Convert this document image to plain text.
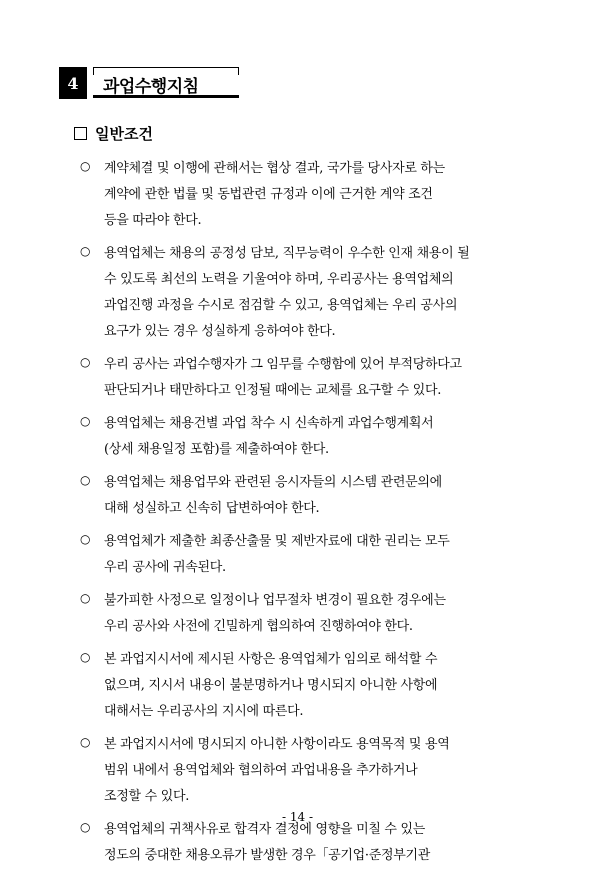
4 과업수행지침
일반조건
○ 계약체결 및 이행에 관해서는 협상 결과, 국가를 당사자로 하는
계약에 관한 법률 및 동법관련 규정과 이에 근거한 계약 조건
등을 따라야 한다.
○ 용역업체는 채용의 공정성 담보, 직무능력이 우수한 인재 채용이 될
수 있도록 최선의 노력을 기울여야 하며, 우리공사는 용역업체의
과업진행 과정을 수시로 점검할 수 있고, 용역업체는 우리 공사의
요구가 있는 경우 성실하게 응하여야 한다.
○ 우리 공사는 과업수행자가 그 임무를 수행함에 있어 부적당하다고
판단되거나 태만하다고 인정될 때에는 교체를 요구할 수 있다.
○ 용역업체는 채용건별 과업 착수 시 신속하게 과업수행계획서
(상세 채용일정 포함)를 제출하여야 한다.
○ 용역업체는 채용업무와 관련된 응시자들의 시스템 관련문의에
대해 성실하고 신속히 답변하여야 한다.
○ 용역업체가 제출한 최종산출물 및 제반자료에 대한 권리는 모두
우리 공사에 귀속된다.
○ 불가피한 사정으로 일정이나 업무절차 변경이 필요한 경우에는
우리 공사와 사전에 긴밀하게 협의하여 진행하여야 한다.
○ 본 과업지시서에 제시된 사항은 용역업체가 임의로 해석할 수
없으며, 지시서 내용이 불분명하거나 명시되지 아니한 사항에
대해서는 우리공사의 지시에 따른다.
○ 본 과업지시서에 명시되지 아니한 사항이라도 용역목적 및 용역
범위 내에서 용역업체와 협의하여 과업내용을 추가하거나
조정할 수 있다.
○ 용역업체의 귀책사유로 합격자 결정에 영향을 미칠 수 있는
정도의 중대한 채용오류가 발생한 경우「공기업·준정부기관
- 14 -
